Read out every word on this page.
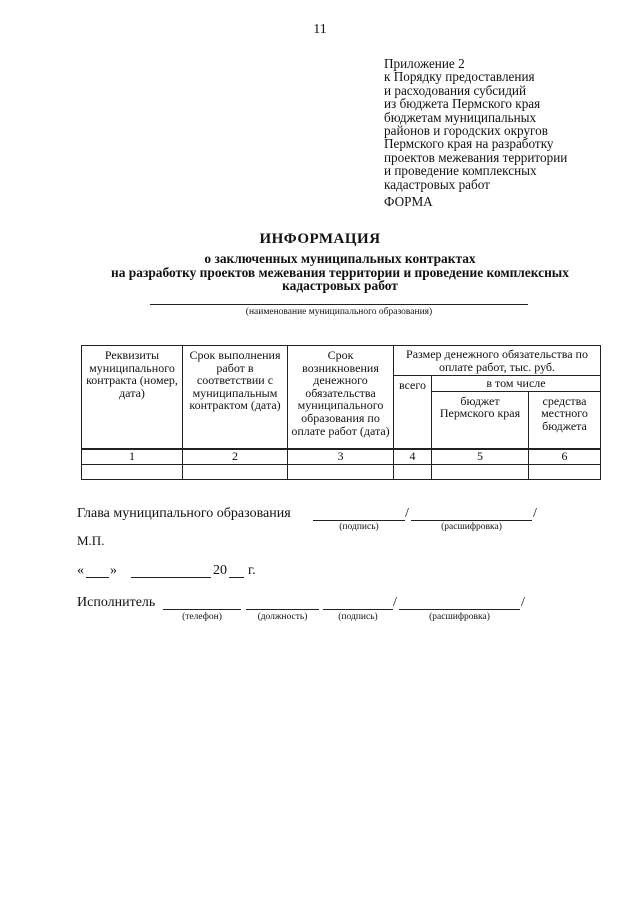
11
Приложение 2
к Порядку предоставления
и расходования субсидий
из бюджета Пермского края
бюджетам муниципальных
районов и городских округов
Пермского края на разработку
проектов межевания территории
и проведение комплексных
кадастровых работ
ФОРМА
ИНФОРМАЦИЯ
о заключенных муниципальных контрактах
на разработку проектов межевания территории и проведение комплексных
кадастровых работ
(наименование муниципального образования)
Реквизиты муниципального контракта (номер, дата)	Срок выполнения работ в соответствии с муниципальным контрактом (дата)	Срок возникновения денежного обязательства муниципального образования по оплате работ (дата)	Размер денежного обязательства по оплате работ, тыс. руб.		
			всего	в том числе	
				бюджет Пермского края	средства местного бюджета
1	2	3	4	5	6

Глава муниципального образования	/	/
(подпись)	(расшифровка)
М.П.
« »	20 г.
Исполнитель	/	/
(телефон)	(должность)	(подпись)	(расшифровка)
